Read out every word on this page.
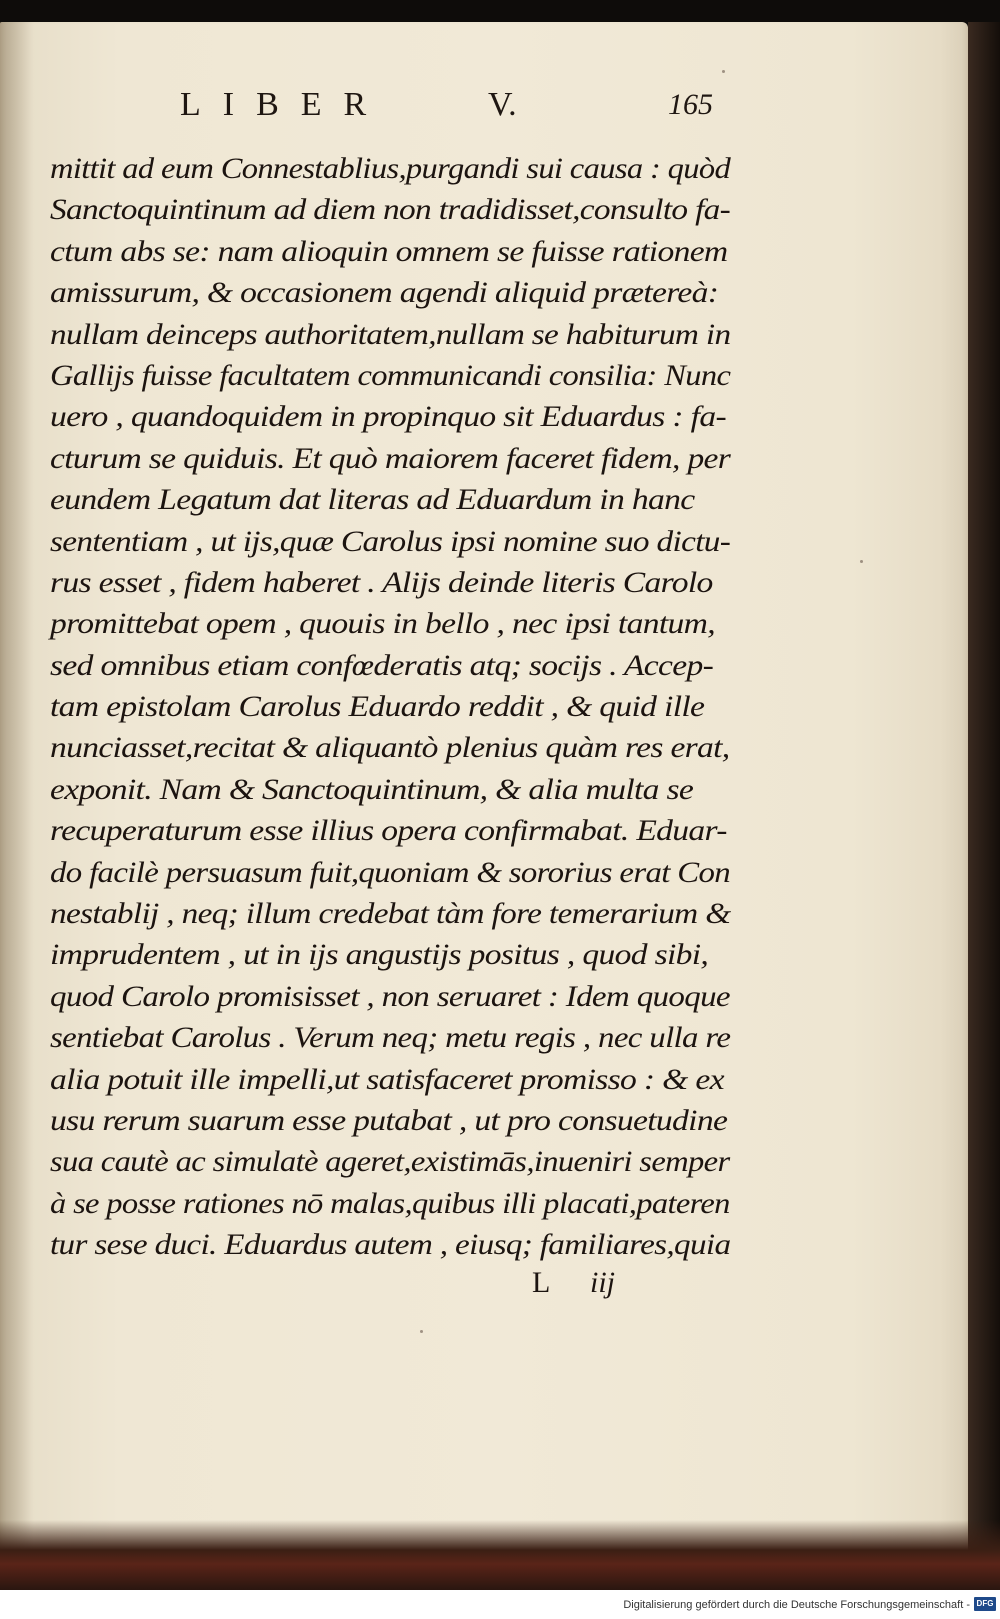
LIBER	V.	165
mittit ad eum Connestablius,purgandi sui causa : quòd
Sanctoquintinum ad diem non tradidisset,consulto fa-
ctum abs se: nam alioquin omnem se fuisse rationem
amissurum, & occasionem agendi aliquid prætereà:
nullam deinceps authoritatem,nullam se habiturum in
Gallijs fuisse facultatem communicandi consilia: Nunc
uero , quandoquidem in propinquo sit Eduardus : fa-
cturum se quiduis. Et quò maiorem faceret fidem, per
eundem Legatum dat literas ad Eduardum in hanc
sententiam , ut ijs,quæ Carolus ipsi nomine suo dictu-
rus esset , fidem haberet . Alijs deinde literis Carolo
promittebat opem , quouis in bello , nec ipsi tantum,
sed omnibus etiam confœderatis atq; socijs . Accep-
tam epistolam Carolus Eduardo reddit , & quid ille
nunciasset,recitat & aliquantò plenius quàm res erat,
exponit. Nam & Sanctoquintinum, & alia multa se
recuperaturum esse illius opera confirmabat. Eduar-
do facilè persuasum fuit,quoniam & sororius erat Con
nestablij , neq; illum credebat tàm fore temerarium &
imprudentem , ut in ijs angustijs positus , quod sibi,
quod Carolo promisisset , non seruaret : Idem quoque
sentiebat Carolus . Verum neq; metu regis , nec ulla re
alia potuit ille impelli,ut satisfaceret promisso : & ex
usu rerum suarum esse putabat , ut pro consuetudine
sua cautè ac simulatè ageret,existimās,inueniri semper
à se posse rationes nō malas,quibus illi placati,pateren
tur sese duci. Eduardus autem , eiusq; familiares,quia
L iij
Digitalisierung gefördert durch die Deutsche Forschungsgemeinschaft - DFG
